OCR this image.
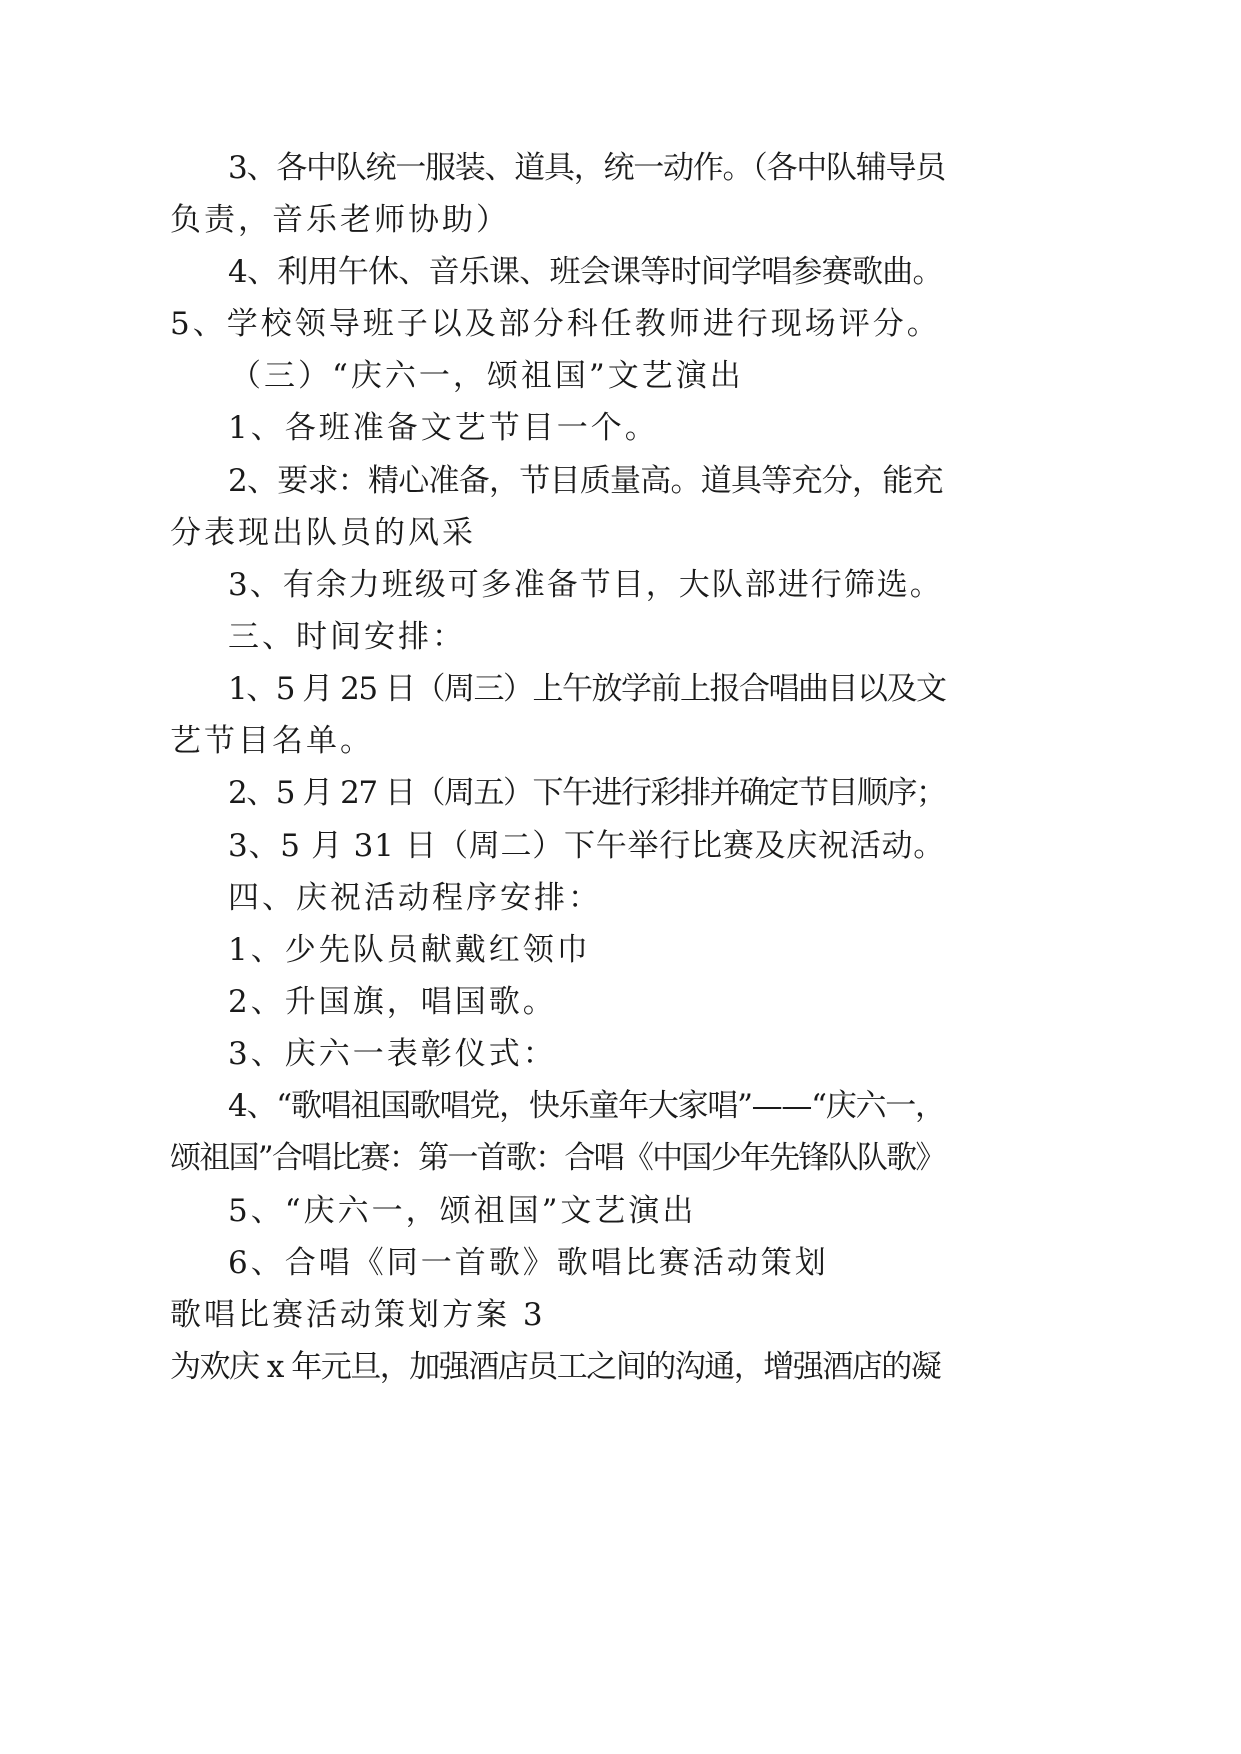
3、各中队统一服装、道具，统一动作。（各中队辅导员

负责，音乐老师协助）

4、利用午休、音乐课、班会课等时间学唱参赛歌曲。

5、学校领导班子以及部分科任教师进行现场评分。

（三）“庆六一，颂祖国”文艺演出

1、各班准备文艺节目一个。

2、要求：精心准备，节目质量高。道具等充分，能充

分表现出队员的风采

3、有余力班级可多准备节目，大队部进行筛选。

三、时间安排：

1、5 月 25 日（周三）上午放学前上报合唱曲目以及文

艺节目名单。

2、5 月 27 日（周五）下午进行彩排并确定节目顺序；

3、5 月 31 日（周二）下午举行比赛及庆祝活动。

四、庆祝活动程序安排：

1、少先队员献戴红领巾

2、升国旗，唱国歌。

3、庆六一表彰仪式：

4、“歌唱祖国歌唱党，快乐童年大家唱”——“庆六一，

颂祖国”合唱比赛：第一首歌：合唱《中国少年先锋队队歌》

5、“庆六一，颂祖国”文艺演出

6、合唱《同一首歌》歌唱比赛活动策划

歌唱比赛活动策划方案 3

为欢庆 x 年元旦，加强酒店员工之间的沟通，增强酒店的凝
